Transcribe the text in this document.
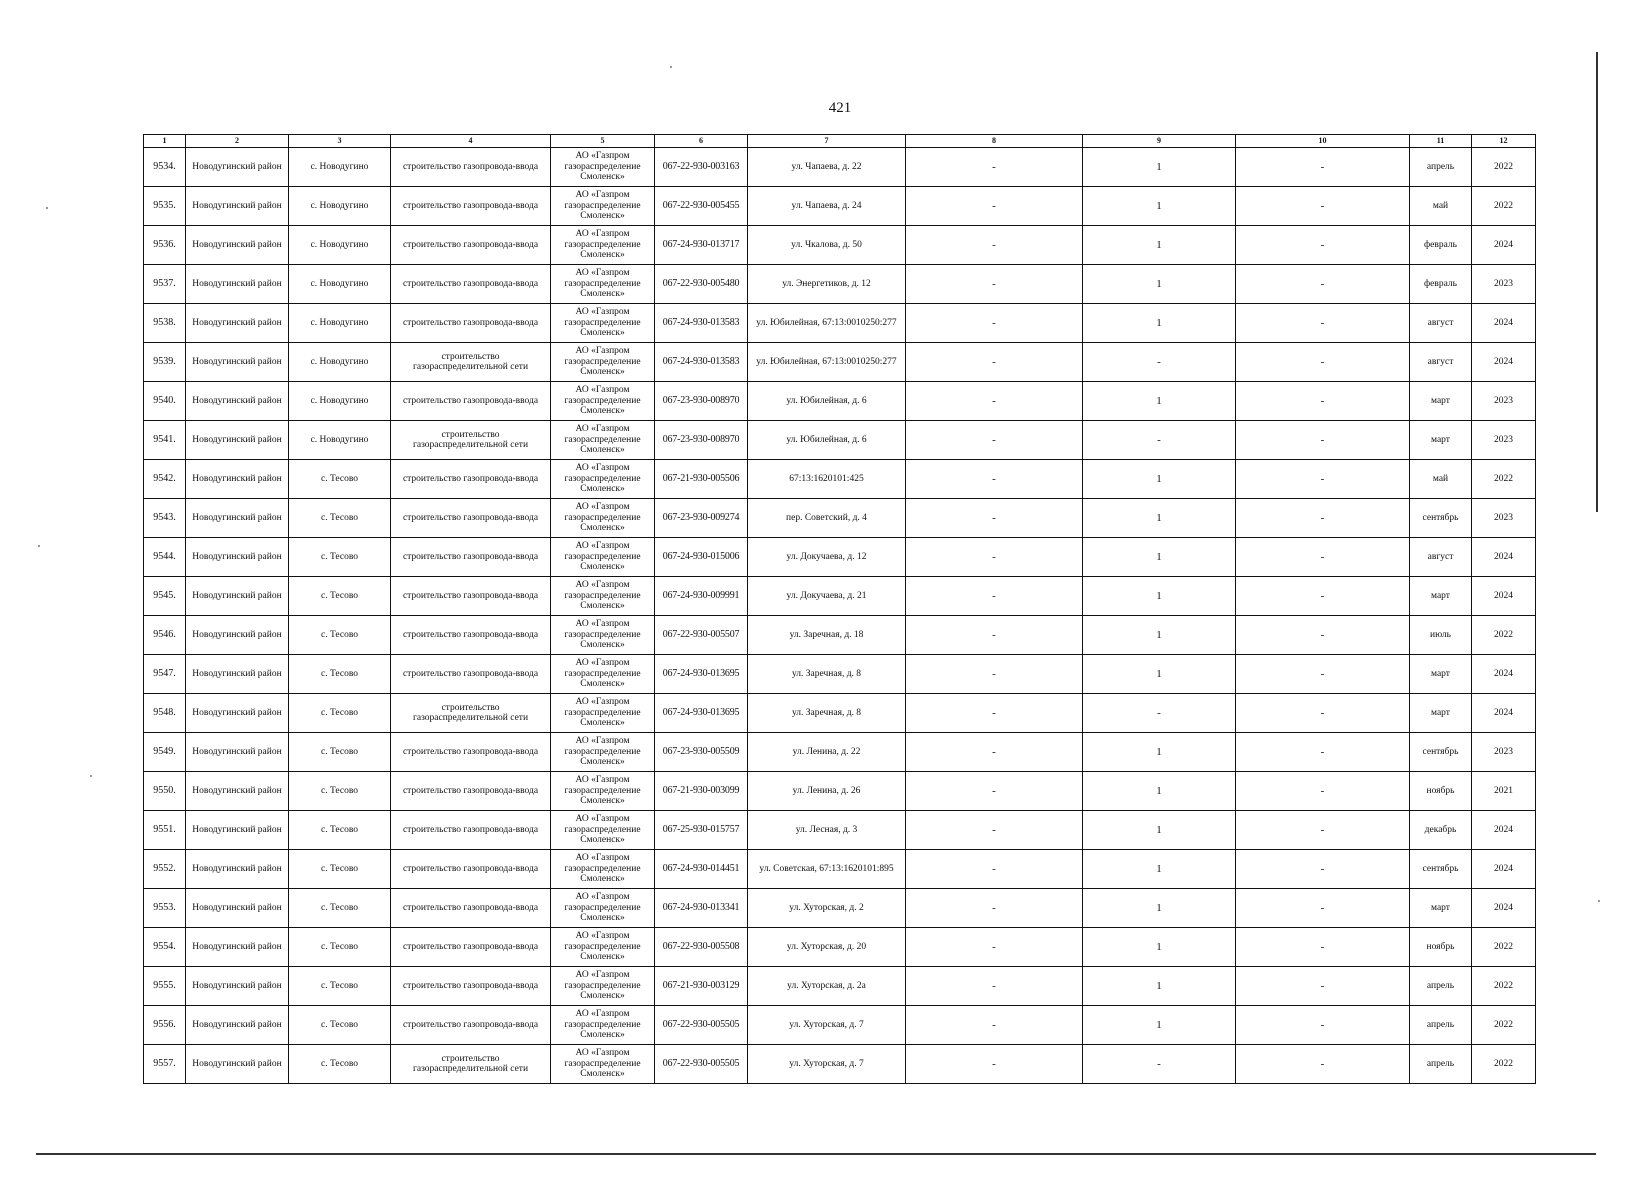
421
1	2	3	4	5	6	7	8	9	10	11	12
9534.	Новодугинский район	с. Новодугино	строительство газопровода-ввода	АО «Газпром
газораспределение
Смоленск»	067-22-930-003163	ул. Чапаева, д. 22	-	1	-	апрель	2022
9535.	Новодугинский район	с. Новодугино	строительство газопровода-ввода	АО «Газпром
газораспределение
Смоленск»	067-22-930-005455	ул. Чапаева, д. 24	-	1	-	май	2022
9536.	Новодугинский район	с. Новодугино	строительство газопровода-ввода	АО «Газпром
газораспределение
Смоленск»	067-24-930-013717	ул. Чкалова, д. 50	-	1	-	февраль	2024
9537.	Новодугинский район	с. Новодугино	строительство газопровода-ввода	АО «Газпром
газораспределение
Смоленск»	067-22-930-005480	ул. Энергетиков, д. 12	-	1	-	февраль	2023
9538.	Новодугинский район	с. Новодугино	строительство газопровода-ввода	АО «Газпром
газораспределение
Смоленск»	067-24-930-013583	ул. Юбилейная, 67:13:0010250:277	-	1	-	август	2024
9539.	Новодугинский район	с. Новодугино	строительство газораспределительной сети	АО «Газпром
газораспределение
Смоленск»	067-24-930-013583	ул. Юбилейная, 67:13:0010250:277	-	-	-	август	2024
9540.	Новодугинский район	с. Новодугино	строительство газопровода-ввода	АО «Газпром
газораспределение
Смоленск»	067-23-930-008970	ул. Юбилейная, д. 6	-	1	-	март	2023
9541.	Новодугинский район	с. Новодугино	строительство газораспределительной сети	АО «Газпром
газораспределение
Смоленск»	067-23-930-008970	ул. Юбилейная, д. 6	-	-	-	март	2023
9542.	Новодугинский район	с. Тесово	строительство газопровода-ввода	АО «Газпром
газораспределение
Смоленск»	067-21-930-005506	67:13:1620101:425	-	1	-	май	2022
9543.	Новодугинский район	с. Тесово	строительство газопровода-ввода	АО «Газпром
газораспределение
Смоленск»	067-23-930-009274	пер. Советский, д. 4	-	1	-	сентябрь	2023
9544.	Новодугинский район	с. Тесово	строительство газопровода-ввода	АО «Газпром
газораспределение
Смоленск»	067-24-930-015006	ул. Докучаева, д. 12	-	1	-	август	2024
9545.	Новодугинский район	с. Тесово	строительство газопровода-ввода	АО «Газпром
газораспределение
Смоленск»	067-24-930-009991	ул. Докучаева, д. 21	-	1	-	март	2024
9546.	Новодугинский район	с. Тесово	строительство газопровода-ввода	АО «Газпром
газораспределение
Смоленск»	067-22-930-005507	ул. Заречная, д. 18	-	1	-	июль	2022
9547.	Новодугинский район	с. Тесово	строительство газопровода-ввода	АО «Газпром
газораспределение
Смоленск»	067-24-930-013695	ул. Заречная, д. 8	-	1	-	март	2024
9548.	Новодугинский район	с. Тесово	строительство газораспределительной сети	АО «Газпром
газораспределение
Смоленск»	067-24-930-013695	ул. Заречная, д. 8	-	-	-	март	2024
9549.	Новодугинский район	с. Тесово	строительство газопровода-ввода	АО «Газпром
газораспределение
Смоленск»	067-23-930-005509	ул. Ленина, д. 22	-	1	-	сентябрь	2023
9550.	Новодугинский район	с. Тесово	строительство газопровода-ввода	АО «Газпром
газораспределение
Смоленск»	067-21-930-003099	ул. Ленина, д. 26	-	1	-	ноябрь	2021
9551.	Новодугинский район	с. Тесово	строительство газопровода-ввода	АО «Газпром
газораспределение
Смоленск»	067-25-930-015757	ул. Лесная, д. 3	-	1	-	декабрь	2024
9552.	Новодугинский район	с. Тесово	строительство газопровода-ввода	АО «Газпром
газораспределение
Смоленск»	067-24-930-014451	ул. Советская, 67:13:1620101:895	-	1	-	сентябрь	2024
9553.	Новодугинский район	с. Тесово	строительство газопровода-ввода	АО «Газпром
газораспределение
Смоленск»	067-24-930-013341	ул. Хуторская, д. 2	-	1	-	март	2024
9554.	Новодугинский район	с. Тесово	строительство газопровода-ввода	АО «Газпром
газораспределение
Смоленск»	067-22-930-005508	ул. Хуторская, д. 20	-	1	-	ноябрь	2022
9555.	Новодугинский район	с. Тесово	строительство газопровода-ввода	АО «Газпром
газораспределение
Смоленск»	067-21-930-003129	ул. Хуторская, д. 2а	-	1	-	апрель	2022
9556.	Новодугинский район	с. Тесово	строительство газопровода-ввода	АО «Газпром
газораспределение
Смоленск»	067-22-930-005505	ул. Хуторская, д. 7	-	1	-	апрель	2022
9557.	Новодугинский район	с. Тесово	строительство газораспределительной сети	АО «Газпром
газораспределение
Смоленск»	067-22-930-005505	ул. Хуторская, д. 7	-	-	-	апрель	2022
